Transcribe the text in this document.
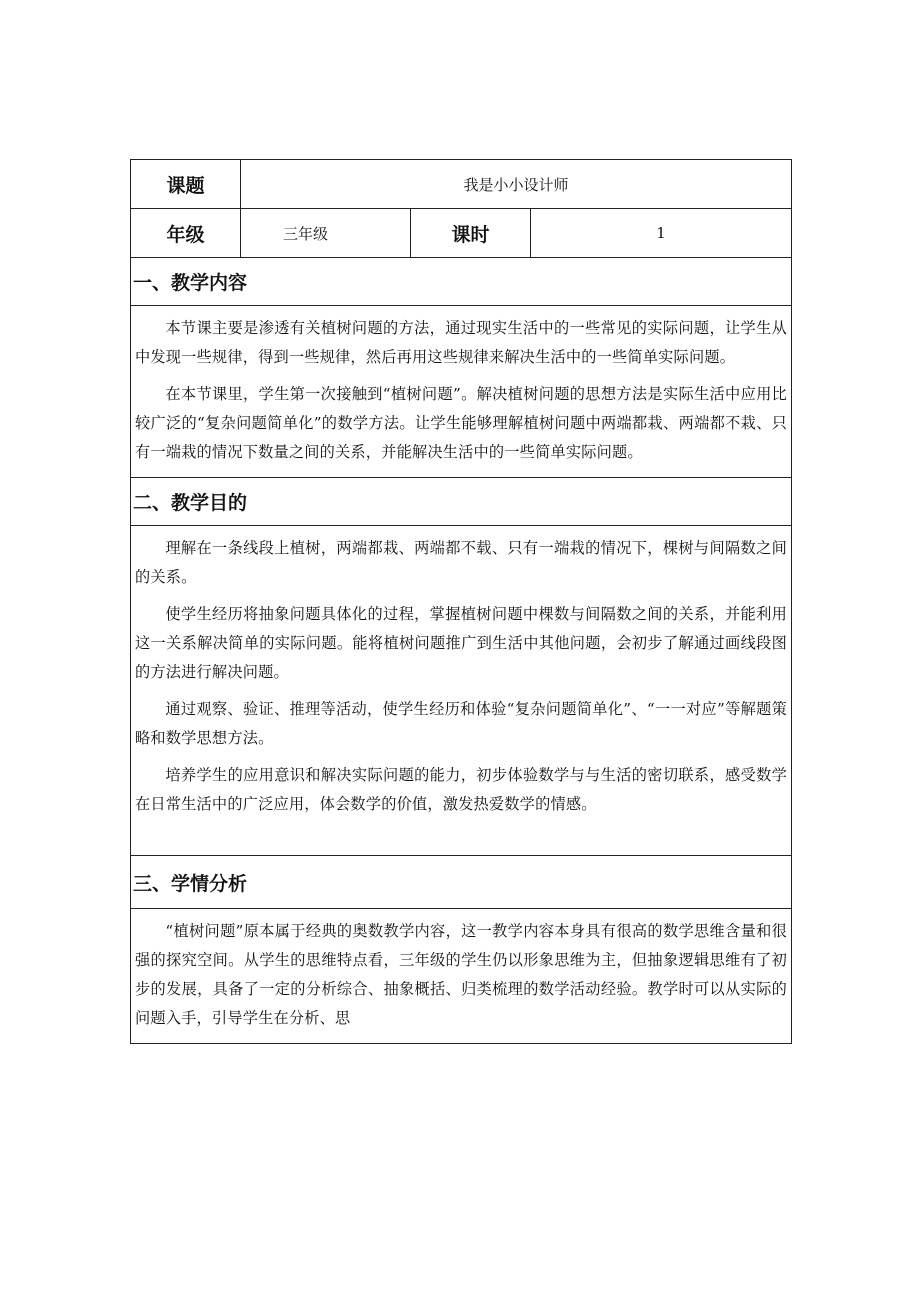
课题	我是小小设计师		
年级	三年级	课时	1
一、教学内容			

本节课主要是渗透有关植树问题的方法，通过现实生活中的一些常见的实际问题，让学生从中发现一些规律，得到一些规律，然后再用这些规律来解决生活中的一些简单实际问题。

在本节课里，学生第一次接触到“植树问题”。解决植树问题的思想方法是实际生活中应用比较广泛的“复杂问题简单化”的数学方法。让学生能够理解植树问题中两端都栽、两端都不栽、只有一端栽的情况下数量之间的关系，并能解决生活中的一些简单实际问题。			

二、教学目的			

理解在一条线段上植树，两端都栽、两端都不载、只有一端栽的情况下，棵树与间隔数之间的关系。

使学生经历将抽象问题具体化的过程，掌握植树问题中棵数与间隔数之间的关系，并能利用这一关系解决简单的实际问题。能将植树问题推广到生活中其他问题，会初步了解通过画线段图的方法进行解决问题。

通过观察、验证、推理等活动，使学生经历和体验“复杂问题简单化”、“一一对应”等解题策略和数学思想方法。

培养学生的应用意识和解决实际问题的能力，初步体验数学与与生活的密切联系，感受数学在日常生活中的广泛应用，体会数学的价值，激发热爱数学的情感。			

三、学情分析			

“植树问题”原本属于经典的奥数教学内容，这一教学内容本身具有很高的数学思维含量和很强的探究空间。从学生的思维特点看，三年级的学生仍以形象思维为主，但抽象逻辑思维有了初步的发展，具备了一定的分析综合、抽象概括、归类梳理的数学活动经验。教学时可以从实际的问题入手，引导学生在分析、思			
